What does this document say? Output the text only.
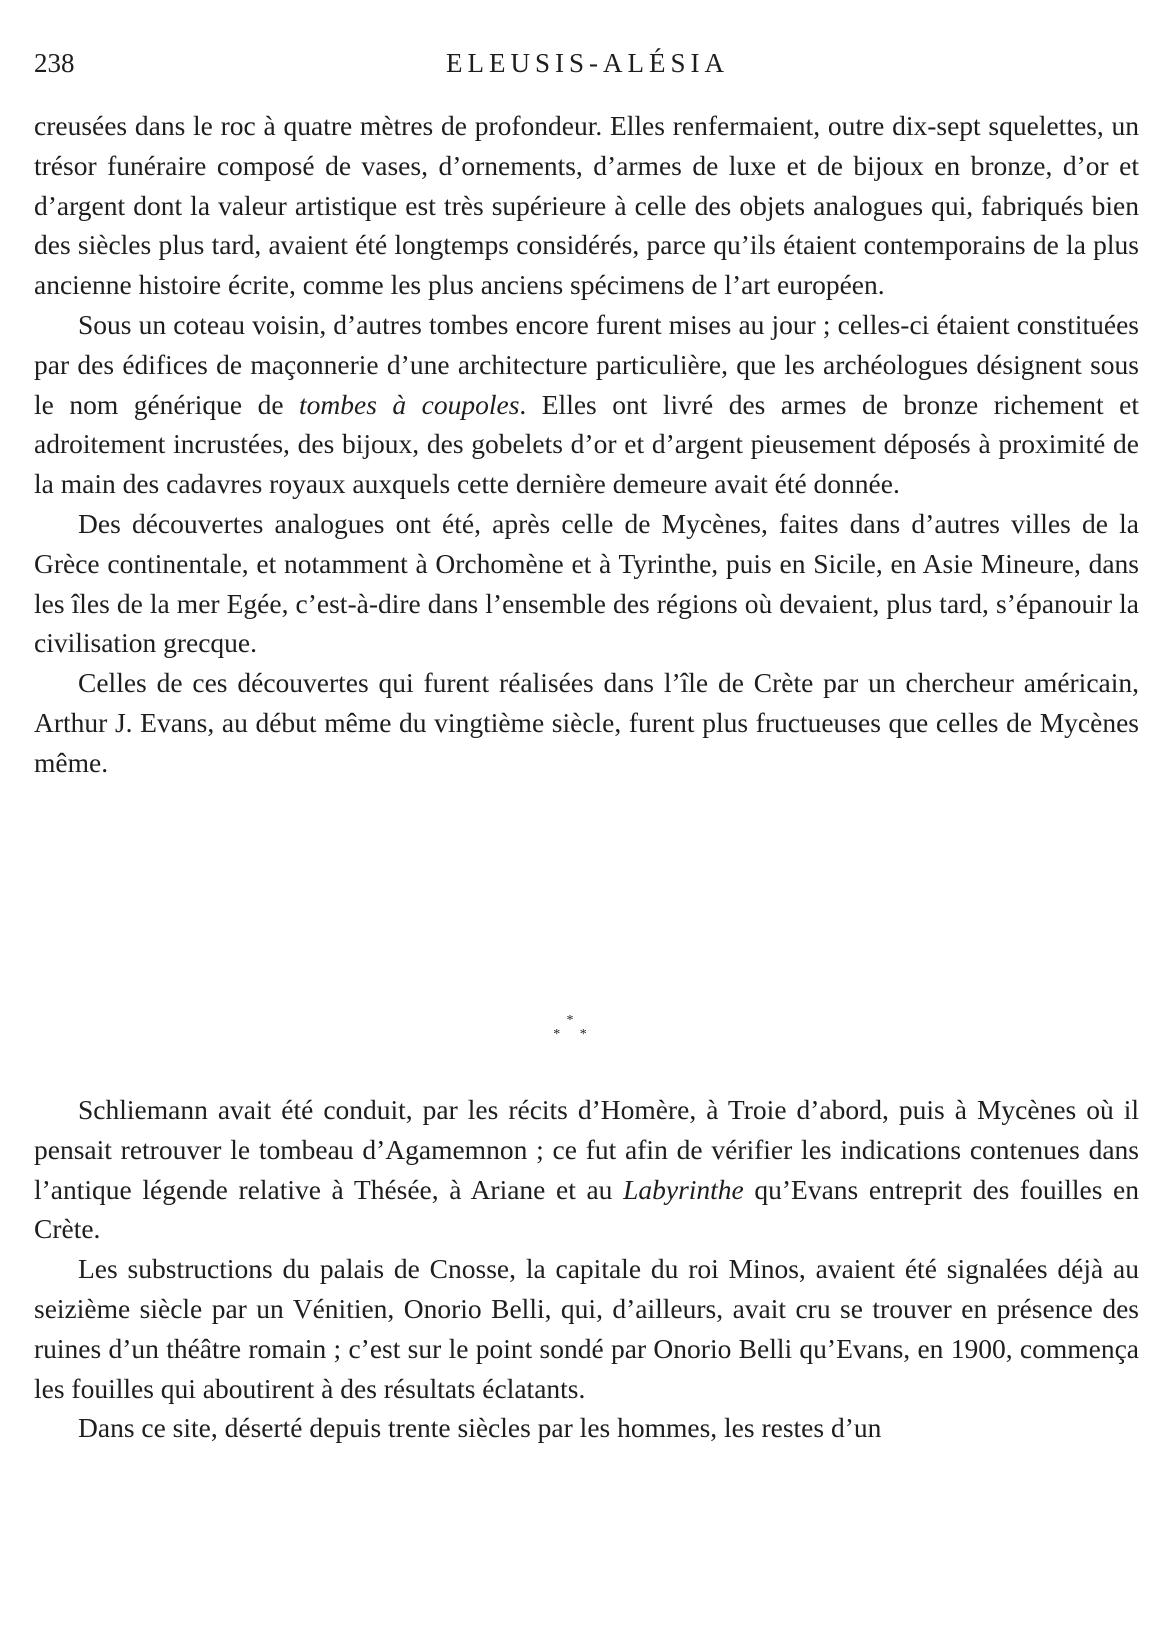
238	ELEUSIS-ALÉSIA

creusées dans le roc à quatre mètres de profondeur. Elles renfermaient, outre dix-sept squelettes, un trésor funéraire composé de vases, d’ornements, d’armes de luxe et de bijoux en bronze, d’or et d’argent dont la valeur artistique est très supérieure à celle des objets analogues qui, fabriqués bien des siècles plus tard, avaient été longtemps considérés, parce qu’ils étaient contemporains de la plus ancienne histoire écrite, comme les plus anciens spécimens de l’art européen.

Sous un coteau voisin, d’autres tombes encore furent mises au jour ; celles-ci étaient constituées par des édifices de maçonnerie d’une architecture particulière, que les archéologues désignent sous le nom générique de tombes à coupoles. Elles ont livré des armes de bronze richement et adroitement incrustées, des bijoux, des gobelets d’or et d’argent pieusement déposés à proximité de la main des cadavres royaux auxquels cette dernière demeure avait été donnée.

Des découvertes analogues ont été, après celle de Mycènes, faites dans d’autres villes de la Grèce continentale, et notamment à Orchomène et à Tyrinthe, puis en Sicile, en Asie Mineure, dans les îles de la mer Egée, c’est-à-dire dans l’ensemble des régions où devaient, plus tard, s’épanouir la civilisation grecque.

Celles de ces découvertes qui furent réalisées dans l’île de Crète par un chercheur américain, Arthur J. Evans, au début même du vingtième siècle, furent plus fructueuses que celles de Mycènes même.

*
* *

Schliemann avait été conduit, par les récits d’Homère, à Troie d’abord, puis à Mycènes où il pensait retrouver le tombeau d’Agamemnon ; ce fut afin de vérifier les indications contenues dans l’antique légende relative à Thésée, à Ariane et au Labyrinthe qu’Evans entreprit des fouilles en Crète.

Les substructions du palais de Cnosse, la capitale du roi Minos, avaient été signalées déjà au seizième siècle par un Vénitien, Onorio Belli, qui, d’ailleurs, avait cru se trouver en présence des ruines d’un théâtre romain ; c’est sur le point sondé par Onorio Belli qu’Evans, en 1900, commença les fouilles qui aboutirent à des résultats éclatants.

Dans ce site, déserté depuis trente siècles par les hommes, les restes d’un
